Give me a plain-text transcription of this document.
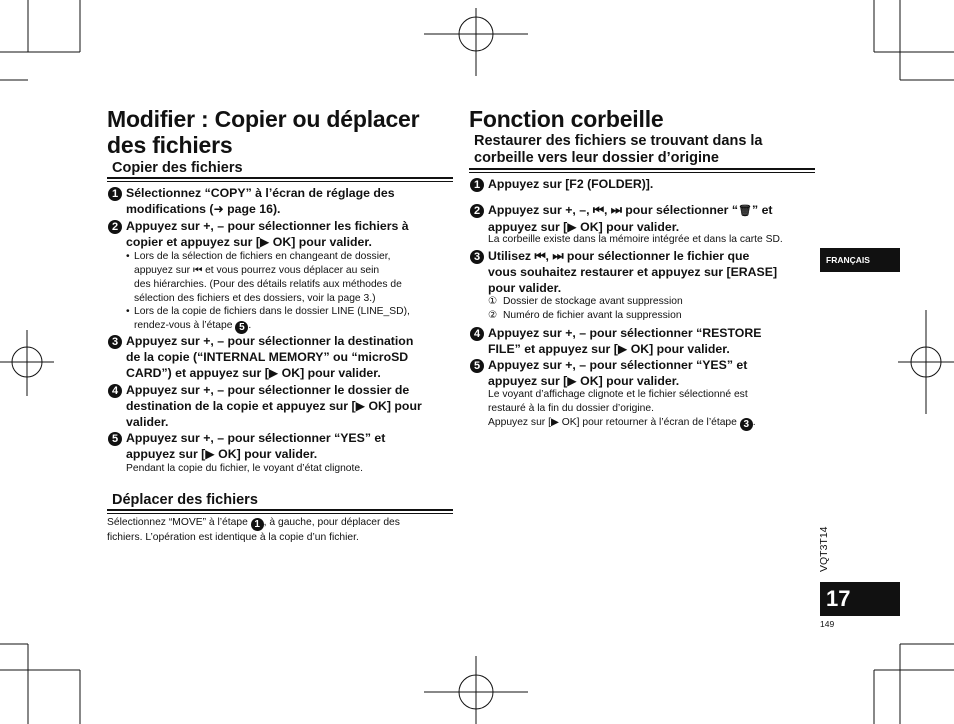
Modifier : Copier ou déplacer
des fichiers
Copier des fichiers
1 Sélectionnez “COPY” à l’écran de réglage des
modifications (➜ page 16).
2 Appuyez sur +, – pour sélectionner les fichiers à
copier et appuyez sur [▶ OK] pour valider.
• Lors de la sélection de fichiers en changeant de dossier,
appuyez sur ⏮ et vous pourrez vous déplacer au sein
des hiérarchies. (Pour des détails relatifs aux méthodes de
sélection des fichiers et des dossiers, voir la page 3.)
• Lors de la copie de fichiers dans le dossier LINE (LINE_SD),
rendez-vous à l’étape 5 .
3 Appuyez sur +, – pour sélectionner la destination
de la copie (“INTERNAL MEMORY” ou “microSD
CARD”) et appuyez sur [▶ OK] pour valider.
4 Appuyez sur +, – pour sélectionner le dossier de
destination de la copie et appuyez sur [▶ OK] pour
valider.
5 Appuyez sur +, – pour sélectionner “YES” et
appuyez sur [▶ OK] pour valider.
Pendant la copie du fichier, le voyant d’état clignote.
Déplacer des fichiers
Sélectionnez “MOVE” à l’étape 1 , à gauche, pour déplacer des
fichiers. L’opération est identique à la copie d’un fichier.
Fonction corbeille
Restaurer des fichiers se trouvant dans la
corbeille vers leur dossier d’origine
1 Appuyez sur [F2 (FOLDER)].
2 Appuyez sur +, –, ⏮, ⏭ pour sélectionner “🗑” et
appuyez sur [▶ OK] pour valider.
La corbeille existe dans la mémoire intégrée et dans la carte SD.
3 Utilisez ⏮, ⏭ pour sélectionner le fichier que
vous souhaitez restaurer et appuyez sur [ERASE]
pour valider.
① Dossier de stockage avant suppression
② Numéro de fichier avant la suppression
4 Appuyez sur +, – pour sélectionner “RESTORE
FILE” et appuyez sur [▶ OK] pour valider.
5 Appuyez sur +, – pour sélectionner “YES” et
appuyez sur [▶ OK] pour valider.
Le voyant d’affichage clignote et le fichier sélectionné est
restauré à la fin du dossier d’origine.
Appuyez sur [▶ OK] pour retourner à l’écran de l’étape 3 .
FRANÇAIS
VQT3T14
17
149
